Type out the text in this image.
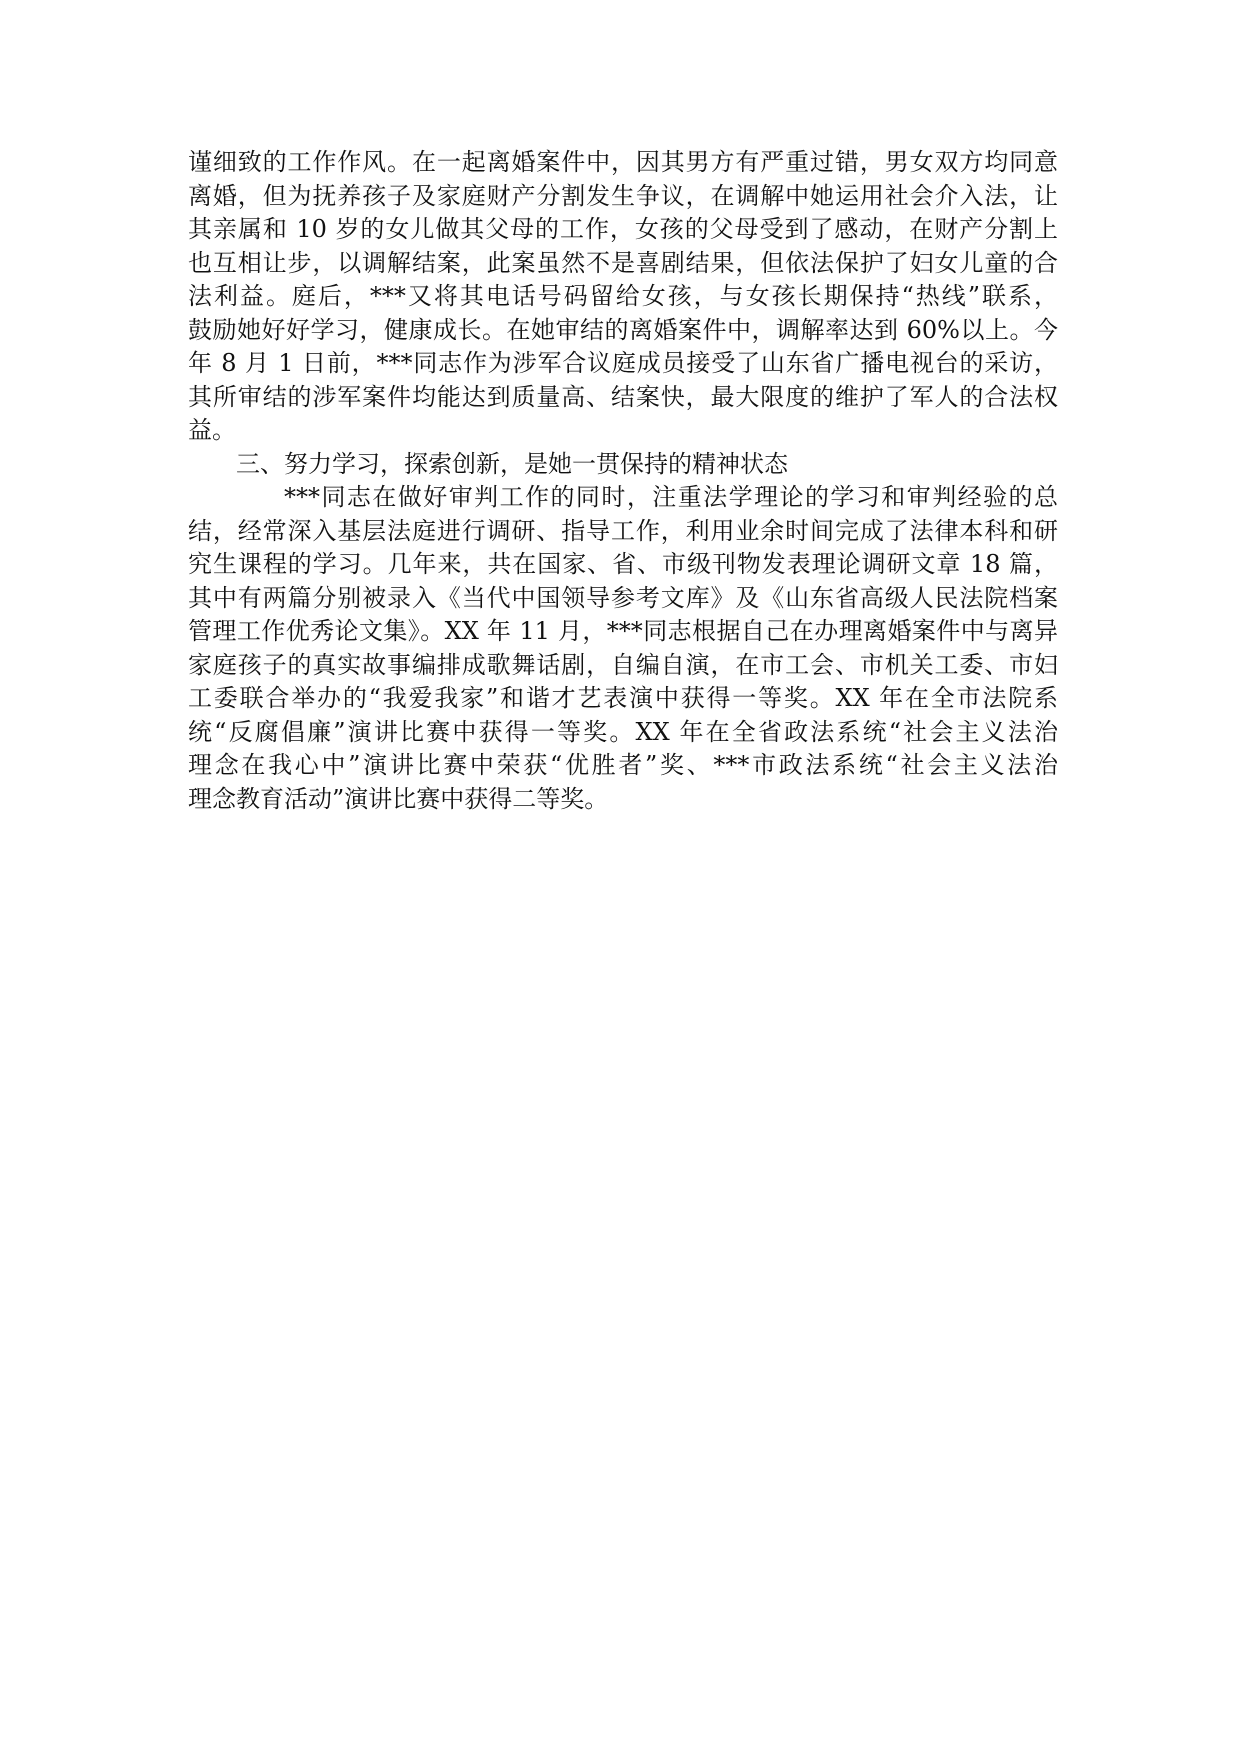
谨细致的工作作风。在一起离婚案件中，因其男方有严重过错，男女双方均同意
离婚，但为抚养孩子及家庭财产分割发生争议，在调解中她运用社会介入法，让
其亲属和 10 岁的女儿做其父母的工作，女孩的父母受到了感动，在财产分割上
也互相让步，以调解结案，此案虽然不是喜剧结果，但依法保护了妇女儿童的合
法利益。庭后，***又将其电话号码留给女孩，与女孩长期保持“热线”联系，
鼓励她好好学习，健康成长。在她审结的离婚案件中，调解率达到 60%以上。今
年 8 月 1 日前，***同志作为涉军合议庭成员接受了山东省广播电视台的采访，
其所审结的涉军案件均能达到质量高、结案快，最大限度的维护了军人的合法权
益。
三、努力学习，探索创新，是她一贯保持的精神状态
***同志在做好审判工作的同时，注重法学理论的学习和审判经验的总
结，经常深入基层法庭进行调研、指导工作，利用业余时间完成了法律本科和研
究生课程的学习。几年来，共在国家、省、市级刊物发表理论调研文章 18 篇，
其中有两篇分别被录入《当代中国领导参考文库》及《山东省高级人民法院档案
管理工作优秀论文集》。XX 年 11 月，***同志根据自己在办理离婚案件中与离异
家庭孩子的真实故事编排成歌舞话剧，自编自演，在市工会、市机关工委、市妇
工委联合举办的“我爱我家”和谐才艺表演中获得一等奖。XX 年在全市法院系
统“反腐倡廉”演讲比赛中获得一等奖。XX 年在全省政法系统“社会主义法治
理念在我心中”演讲比赛中荣获“优胜者”奖、***市政法系统“社会主义法治
理念教育活动”演讲比赛中获得二等奖。
